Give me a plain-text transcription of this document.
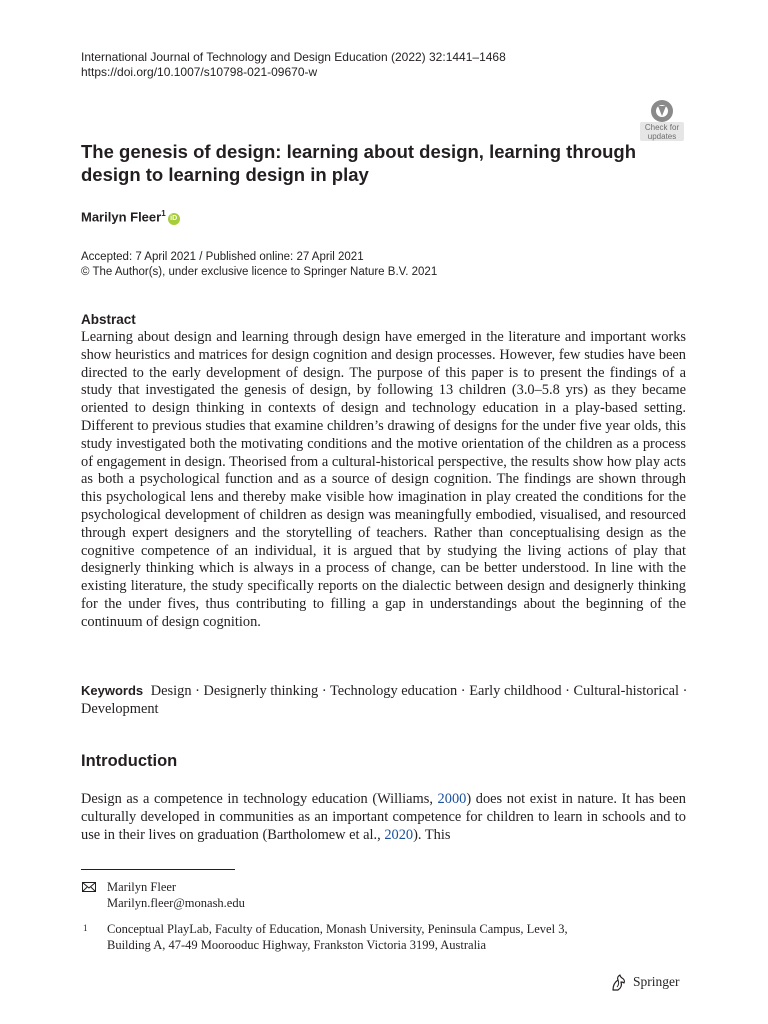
International Journal of Technology and Design Education (2022) 32:1441–1468
https://doi.org/10.1007/s10798-021-09670-w
Check for
updates
The genesis of design: learning about design, learning through design to learning design in play
Marilyn Fleer$^1$iD
Accepted: 7 April 2021 / Published online: 27 April 2021
© The Author(s), under exclusive licence to Springer Nature B.V. 2021
Abstract

Learning about design and learning through design have emerged in the literature and important works show heuristics and matrices for design cognition and design processes. However, few studies have been directed to the early development of design. The purpose of this paper is to present the findings of a study that investigated the genesis of design, by following 13 children (3.0–5.8 yrs) as they became oriented to design thinking in contexts of design and technology education in a play-based setting. Different to previous studies that examine children’s drawing of designs for the under five year olds, this study investigated both the motivating conditions and the motive orientation of the children as a process of engagement in design. Theorised from a cultural-historical perspective, the results show how play acts as both a psychological function and as a source of design cognition. The findings are shown through this psychological lens and thereby make visible how imagination in play created the conditions for the psychological development of children as design was meaningfully embodied, visualised, and resourced through expert designers and the storytelling of teachers. Rather than conceptualising design as the cognitive competence of an individual, it is argued that by studying the living actions of play that designerly thinking which is always in a process of change, can be better understood. In line with the existing literature, the study specifically reports on the dialectic between design and designerly thinking for the under fives, thus contributing to filling a gap in understandings about the beginning of the continuum of design cognition.

Keywords Design · Designerly thinking · Technology education · Early childhood · Cultural-historical · Development
Introduction

Design as a competence in technology education (Williams, 2000) does not exist in nature. It has been culturally developed in communities as an important competence for children to learn in schools and to use in their lives on graduation (Bartholomew et al., 2020). This

Marilyn Fleer
Marilyn.fleer@monash.edu
1 Conceptual PlayLab, Faculty of Education, Monash University, Peninsula Campus, Level 3,
Building A, 47-49 Moorooduc Highway, Frankston Victoria 3199, Australia
Springer
